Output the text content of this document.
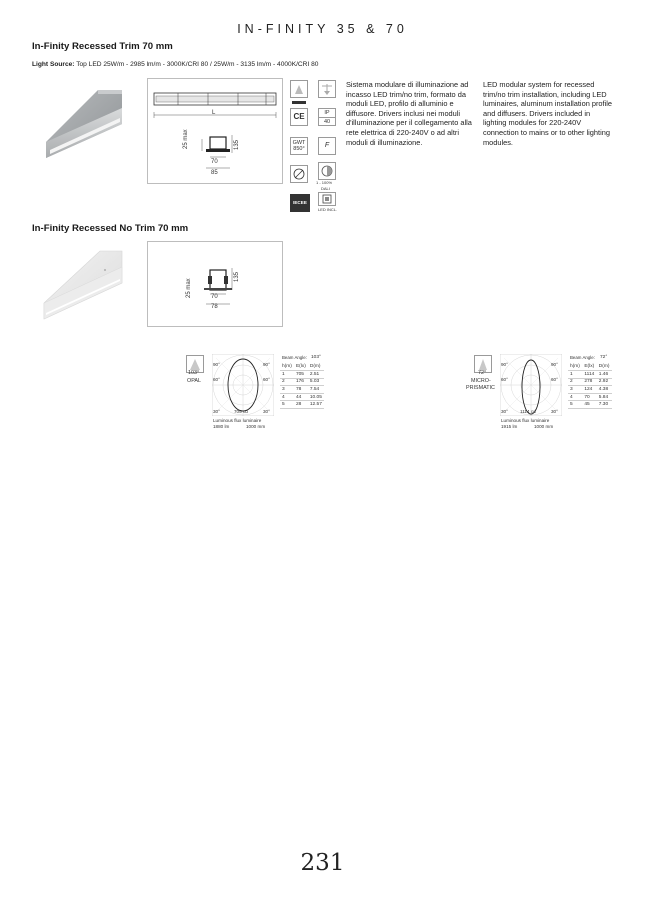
IN-FINITY 35 & 70
In-Finity Recessed Trim 70 mm
Light Source: Top LED 25W/m - 2985 lm/m - 3000K/CRI 80 / 25W/m - 3135 lm/m - 4000K/CRI 80
L
25 max	135
70
85
CE	IP
40
GWT
850°	F
1 - 100%
DALI
IECEE
LED INCL.
Sistema modulare di illuminazione ad incasso LED trim/no trim, formato da moduli LED, profilo di alluminio e diffusore. Drivers inclusi nei moduli d'illuminazione per il collegamento alla rete elettrica di 220-240V o ad altri moduli di illuminazione.
LED modular system for recessed trim/no trim installation, including LED luminaires, aluminum installation profile and diffusers. Drivers included in lighting modules for 220-240V connection to mains or to other lighting modules.
In-Finity Recessed No Trim 70 mm
25 max
135
70
78
103°
OPAL
90°	90°
60°	60°
30°	705 cd	30°
Luminous flux luminaire
1880 lm	1000 mm
Beam Angle: 103°
h(m)	E(lx)	D(m)
1	705	2.51
2	176	5.03
3	78	7.54
4	44	10.05
5	28	12.57
72°
MICRO-
PRISMATIC
90°	90°
60°	60°
30°	1114 cd	30°
Luminous flux luminaire
1915 lm	1000 mm
Beam Angle: 72°
h(m)	E(lx)	D(m)
1	1114	1.46
2	278	2.92
3	124	4.38
4	70	5.84
5	45	7.30
231
